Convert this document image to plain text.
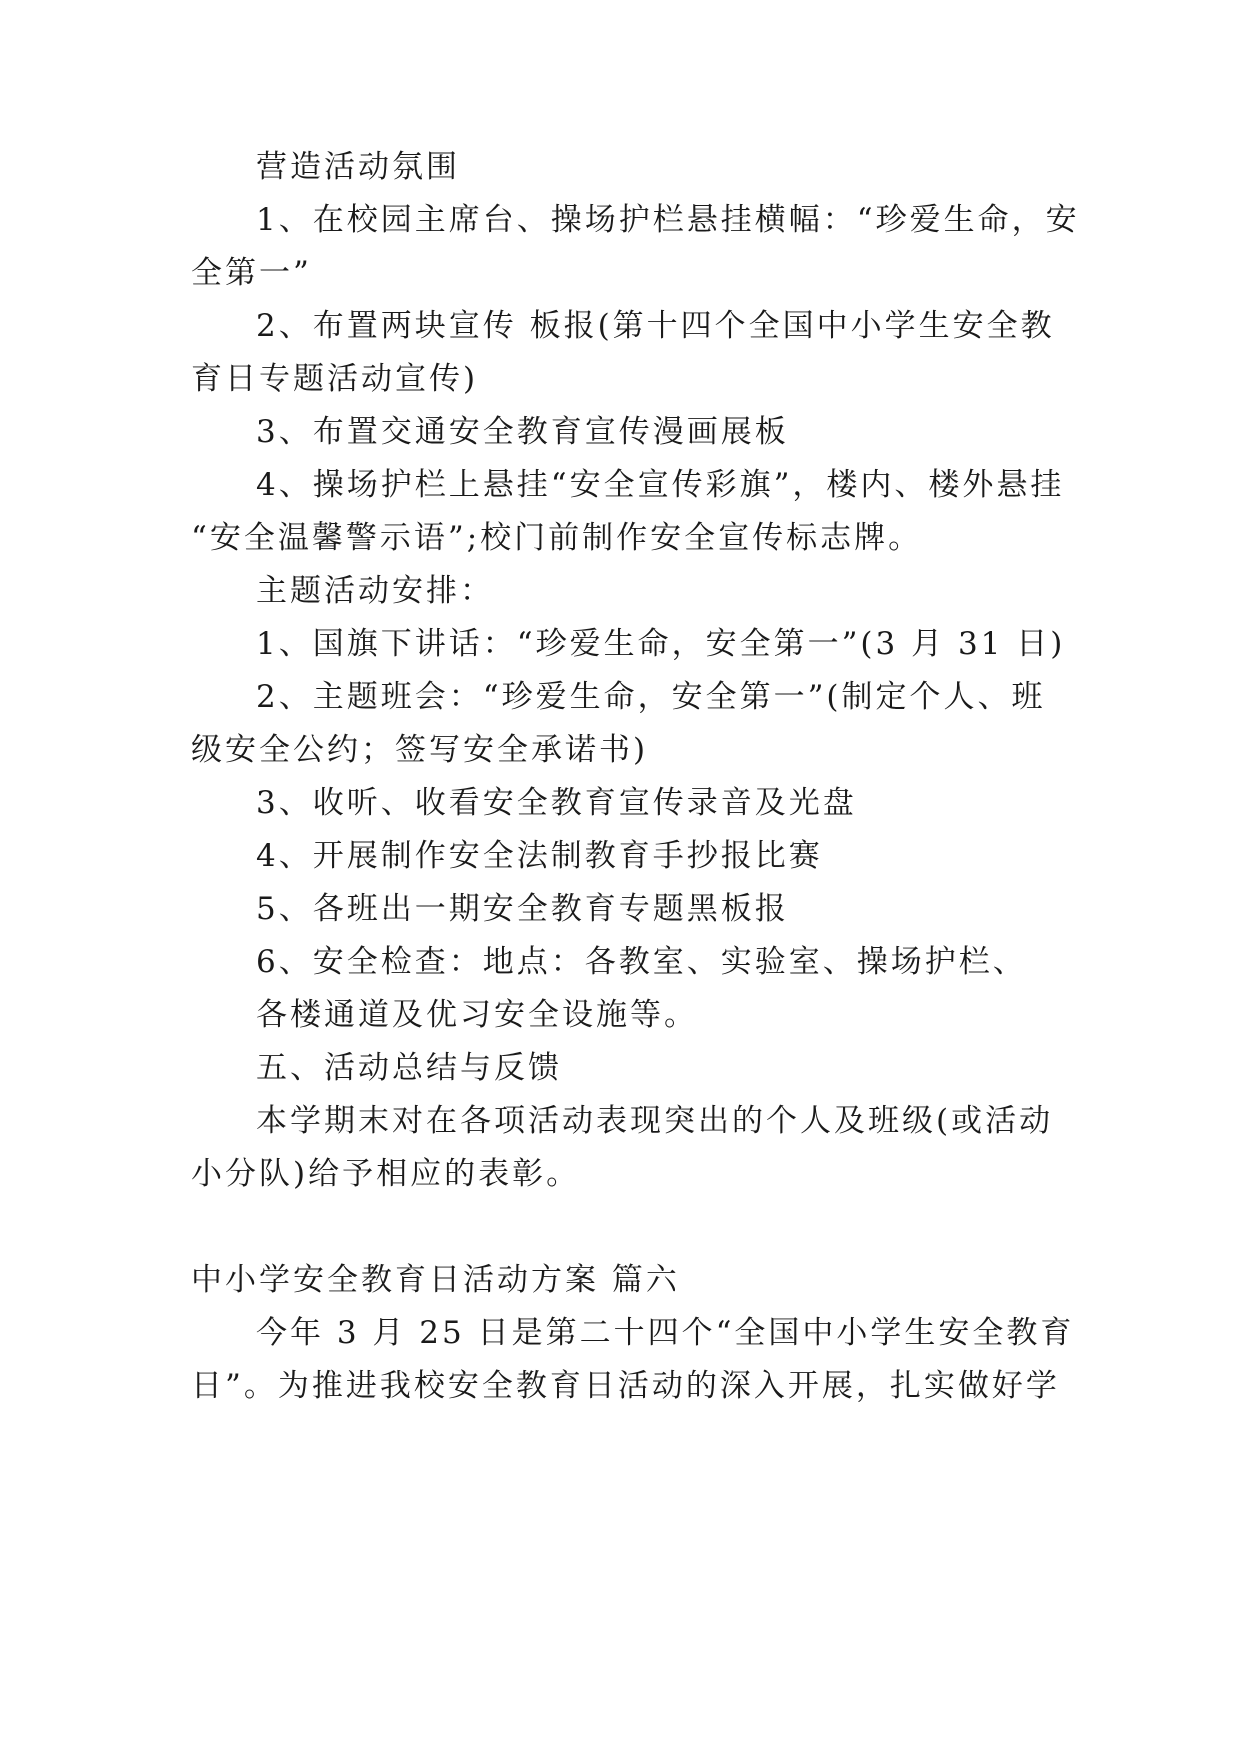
营造活动氛围
1、在校园主席台、操场护栏悬挂横幅：“珍爱生命，安
全第一”
2、布置两块宣传 板报(第十四个全国中小学生安全教
育日专题活动宣传)
3、布置交通安全教育宣传漫画展板
4、操场护栏上悬挂“安全宣传彩旗”，楼内、楼外悬挂
“安全温馨警示语”;校门前制作安全宣传标志牌。
主题活动安排：
1、国旗下讲话：“珍爱生命，安全第一”(3 月 31 日)
2、主题班会：“珍爱生命，安全第一”(制定个人、班
级安全公约；签写安全承诺书)
3、收听、收看安全教育宣传录音及光盘
4、开展制作安全法制教育手抄报比赛
5、各班出一期安全教育专题黑板报
6、安全检查：地点：各教室、实验室、操场护栏、
各楼通道及优习安全设施等。
五、活动总结与反馈
本学期末对在各项活动表现突出的个人及班级(或活动
小分队)给予相应的表彰。
中小学安全教育日活动方案 篇六
今年 3 月 25 日是第二十四个“全国中小学生安全教育
日”。为推进我校安全教育日活动的深入开展，扎实做好学
